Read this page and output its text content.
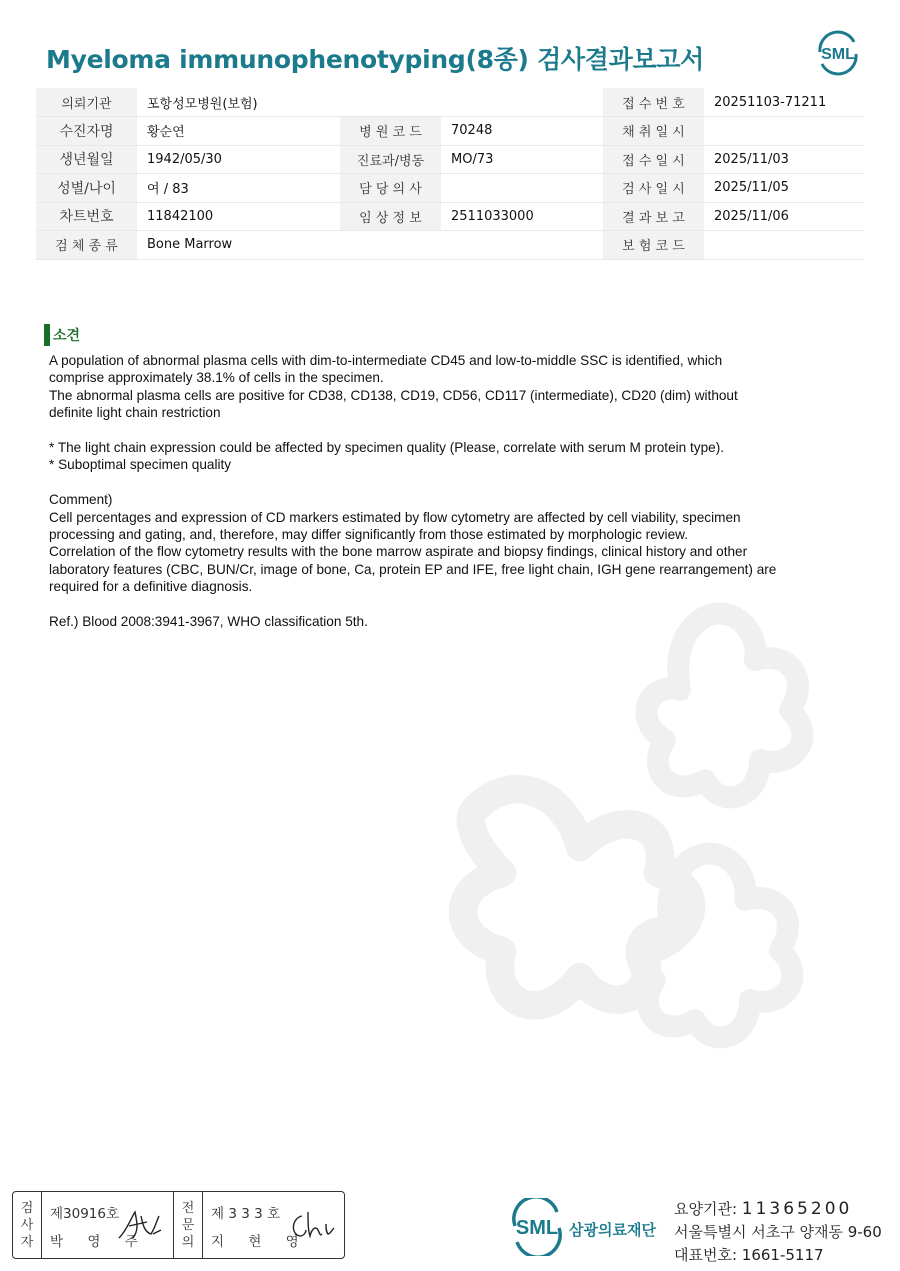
Myeloma immunophenotyping(8종) 검사결과보고서	SML
의뢰기관	포항성모병원(보험)			접 수 번 호	20251103-71211
수진자명	황순연	병 원 코 드	70248	채 취 일 시	
생년월일	1942/05/30	진료과/병동	MO/73	접 수 일 시	2025/11/03
성별/나이	여 / 83	담 당 의 사		검 사 일 시	2025/11/05
차트번호	11842100	임 상 정 보	2511033000	결 과 보 고	2025/11/06
검 체 종 류	Bone Marrow			보 험 코 드	
소견

A population of abnormal plasma cells with dim-to-intermediate CD45 and low-to-middle SSC is identified, which
comprise approximately 38.1% of cells in the specimen.
The abnormal plasma cells are positive for CD38, CD138, CD19, CD56, CD117 (intermediate), CD20 (dim) without
definite light chain restriction

* The light chain expression could be affected by specimen quality (Please, correlate with serum M protein type).
* Suboptimal specimen quality

Comment)
Cell percentages and expression of CD markers estimated by flow cytometry are affected by cell viability, specimen
processing and gating, and, therefore, may differ significantly from those estimated by morphologic review.
Correlation of the flow cytometry results with the bone marrow aspirate and biopsy findings, clinical history and other
laboratory features (CBC, BUN/Cr, image of bone, Ca, protein EP and IFE, free light chain, IGH gene rearrangement) are
required for a definitive diagnosis.

Ref.) Blood 2008:3941-3967, WHO classification 5th.

검
사
자
제30916호
박 영 주
전
문
의
제 3 3 3 호
지 현 영
SML 삼광의료재단
요양기관: 11365200
서울특별시 서초구 양재동 9-60
대표번호: 1661-5117
